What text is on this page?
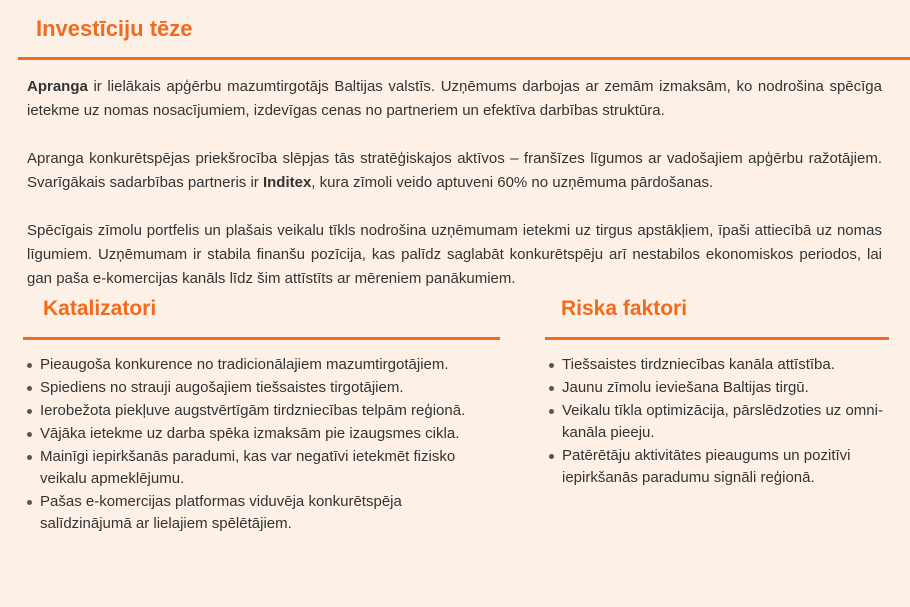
Investīciju tēze

Apranga ir lielākais apģērbu mazumtirgotājs Baltijas valstīs. Uzņēmums darbojas ar zemām izmaksām, ko nodrošina spēcīga ietekme uz nomas nosacījumiem, izdevīgas cenas no partneriem un efektīva darbības struktūra.

Apranga konkurētspējas priekšrocība slēpjas tās stratēģiskajos aktīvos – franšīzes līgumos ar vadošajiem apģērbu ražotājiem. Svarīgākais sadarbības partneris ir Inditex, kura zīmoli veido aptuveni 60% no uzņēmuma pārdošanas.

Spēcīgais zīmolu portfelis un plašais veikalu tīkls nodrošina uzņēmumam ietekmi uz tirgus apstākļiem, īpaši attiecībā uz nomas līgumiem. Uzņēmumam ir stabila finanšu pozīcija, kas palīdz saglabāt konkurētspēju arī nestabilos ekonomiskos periodos, lai gan paša e-komercijas kanāls līdz šim attīstīts ar mēreniem panākumiem.

Katalizatori
Pieaugoša konkurence no tradicionālajiem mazumtirgotājiem.
Spiediens no strauji augošajiem tiešsaistes tirgotājiem.
Ierobežota piekļuve augstvērtīgām tirdzniecības telpām reģionā.
Vājāka ietekme uz darba spēka izmaksām pie izaugsmes cikla.
Mainīgi iepirkšanās paradumi, kas var negatīvi ietekmēt fizisko veikalu apmeklējumu.
Pašas e-komercijas platformas viduvēja konkurētspēja salīdzinājumā ar lielajiem spēlētājiem.
Riska faktori
Tiešsaistes tirdzniecības kanāla attīstība.
Jaunu zīmolu ieviešana Baltijas tirgū.
Veikalu tīkla optimizācija, pārslēdzoties uz omni-kanāla pieeju.
Patērētāju aktivitātes pieaugums un pozitīvi iepirkšanās paradumu signāli reģionā.
